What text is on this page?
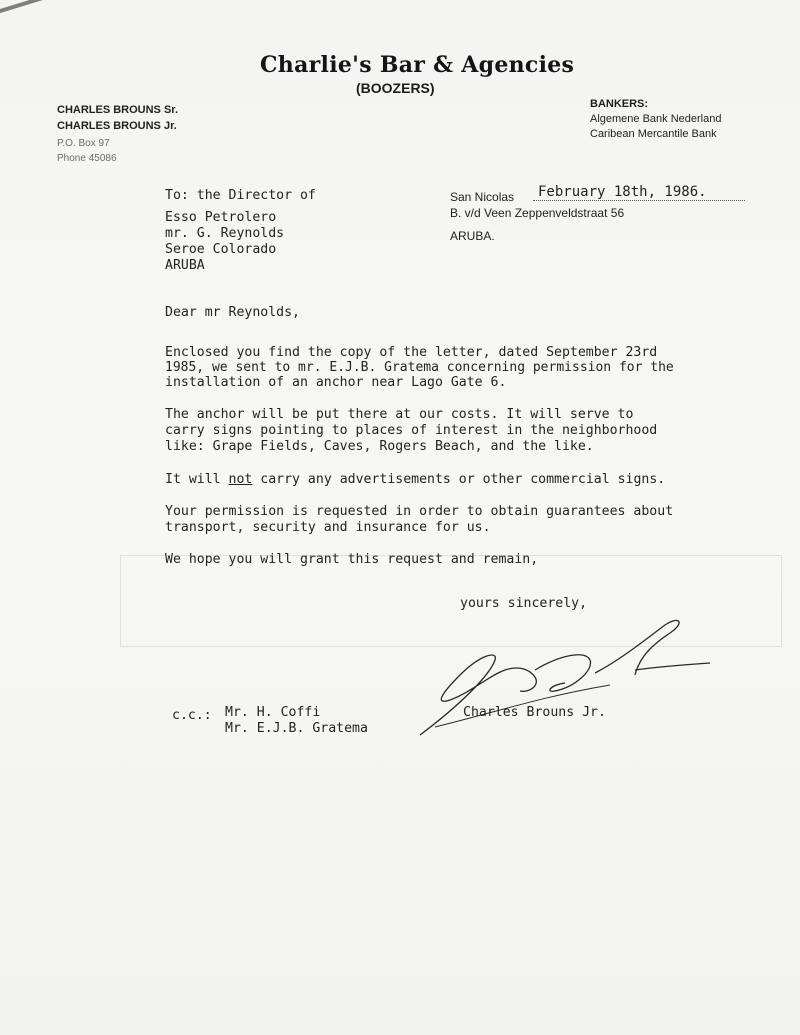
Charlie's Bar & Agencies
(BOOZERS)
CHARLES BROUNS Sr.
CHARLES BROUNS Jr.
P.O. Box 97
Phone 45086
BANKERS:
Algemene Bank Nederland
Caribean Mercantile Bank
To: the Director of
Esso Petrolero
mr. G. Reynolds
Seroe Colorado
ARUBA
San Nicolas February 18th, 1986.
B. v/d Veen Zeppenveldstraat 56
ARUBA.
Dear mr Reynolds,
Enclosed you find the copy of the letter, dated September 23rd
1985, we sent to mr. E.J.B. Gratema concerning permission for the
installation of an anchor near Lago Gate 6.
The anchor will be put there at our costs. It will serve to
carry signs pointing to places of interest in the neighborhood
like: Grape Fields, Caves, Rogers Beach, and the like.
It will not carry any advertisements or other commercial signs.
Your permission is requested in order to obtain guarantees about
transport, security and insurance for us.
We hope you will grant this request and remain,
yours sincerely,
Charles Brouns Jr.
c.c.: Mr. H. Coffi
Mr. E.J.B. Gratema
